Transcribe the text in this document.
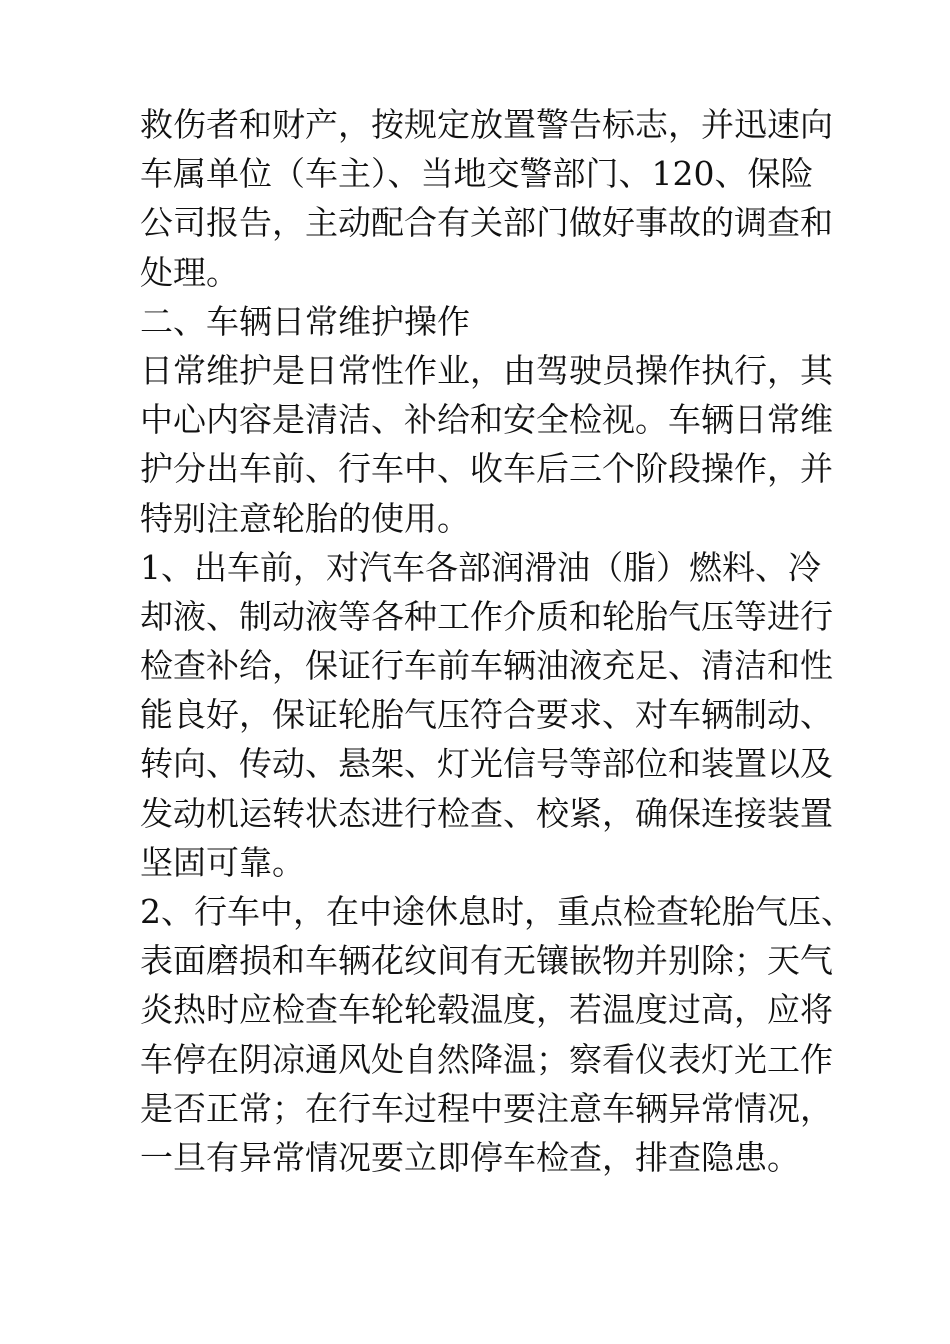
救伤者和财产，按规定放置警告标志，并迅速向
车属单位（车主）、当地交警部门、120、保险
公司报告，主动配合有关部门做好事故的调查和
处理。
二、车辆日常维护操作
日常维护是日常性作业，由驾驶员操作执行，其
中心内容是清洁、补给和安全检视。车辆日常维
护分出车前、行车中、收车后三个阶段操作，并
特别注意轮胎的使用。
1、出车前，对汽车各部润滑油（脂）燃料、冷
却液、制动液等各种工作介质和轮胎气压等进行
检查补给，保证行车前车辆油液充足、清洁和性
能良好，保证轮胎气压符合要求、对车辆制动、
转向、传动、悬架、灯光信号等部位和装置以及
发动机运转状态进行检查、校紧，确保连接装置
坚固可靠。
2、行车中，在中途休息时，重点检查轮胎气压、
表面磨损和车辆花纹间有无镶嵌物并别除；天气
炎热时应检查车轮轮毂温度，若温度过高，应将
车停在阴凉通风处自然降温；察看仪表灯光工作
是否正常；在行车过程中要注意车辆异常情况，
一旦有异常情况要立即停车检查，排查隐患。
